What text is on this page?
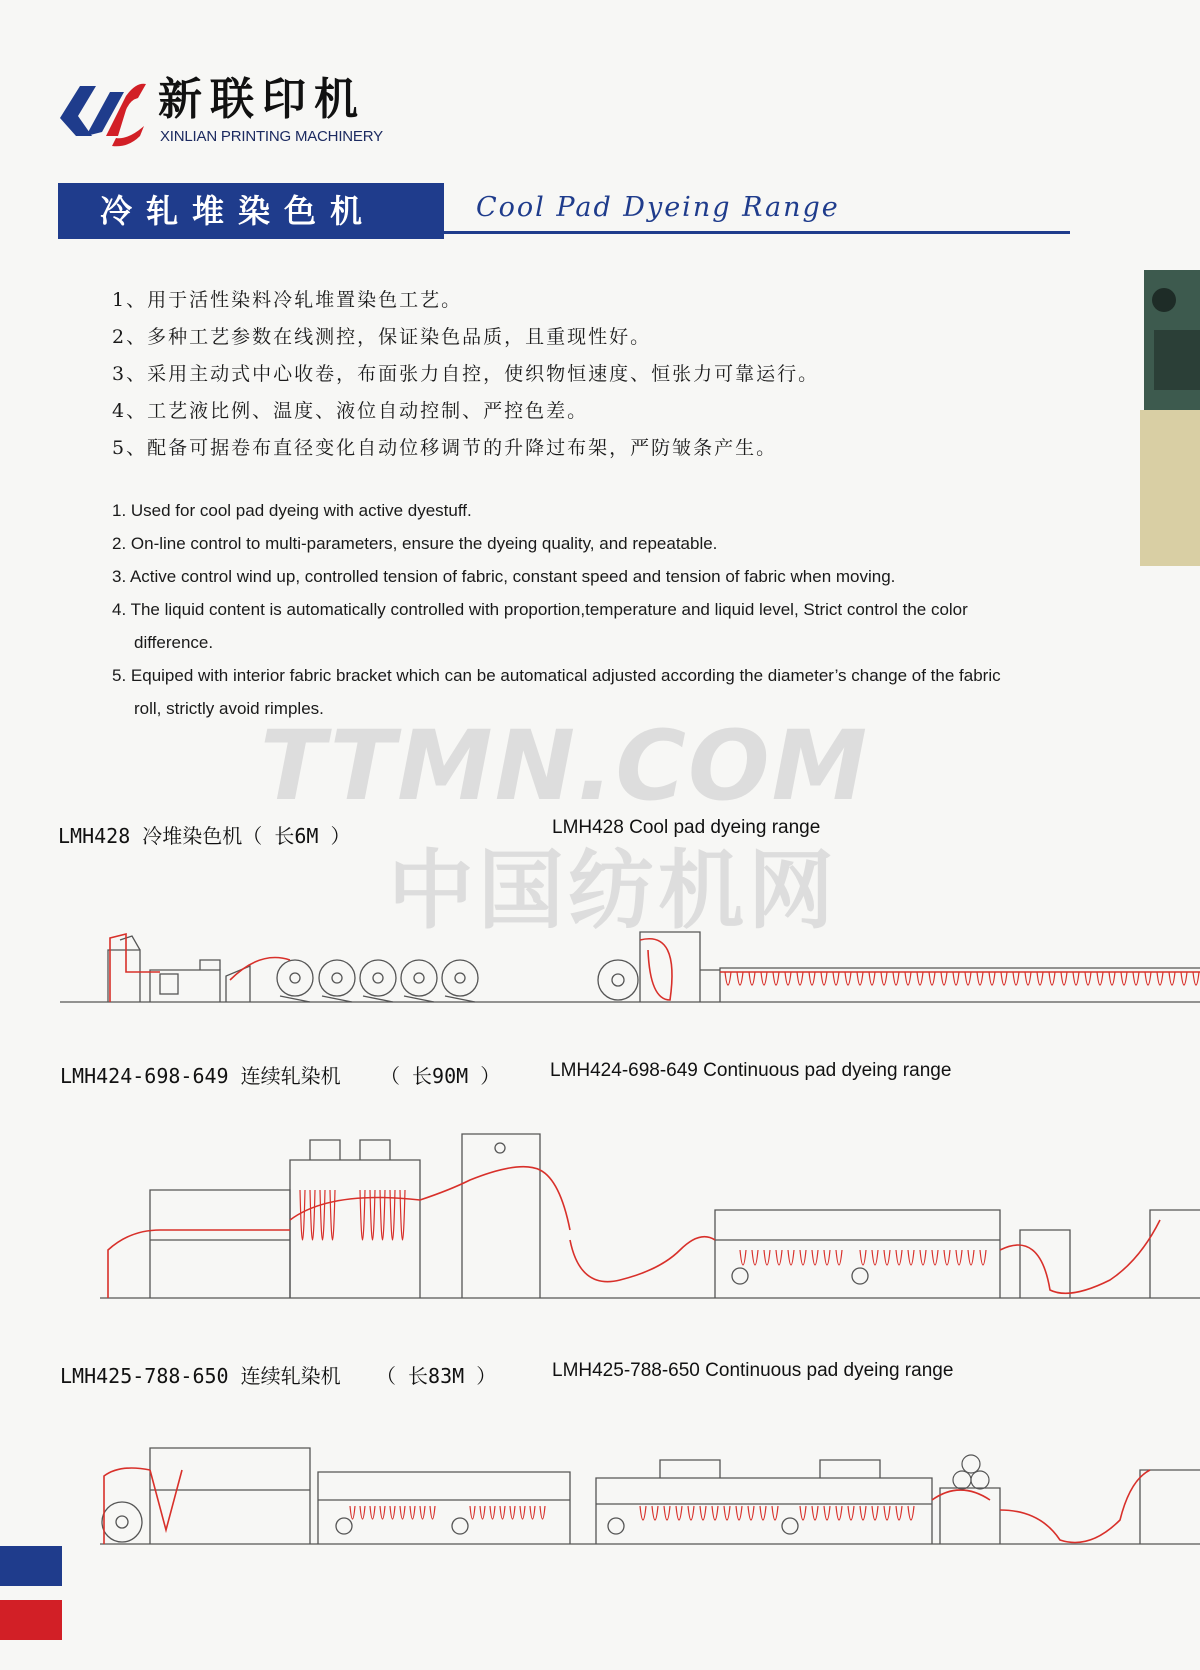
新联印机
XINLIAN PRINTING MACHINERY
冷轧堆染色机	Cool Pad Dyeing Range
1、用于活性染料冷轧堆置染色工艺。
2、多种工艺参数在线测控，保证染色品质，且重现性好。
3、采用主动式中心收卷，布面张力自控，使织物恒速度、恒张力可靠运行。
4、工艺液比例、温度、液位自动控制、严控色差。
5、配备可据卷布直径变化自动位移调节的升降过布架，严防皱条产生。
1. Used for cool pad dyeing with active dyestuff.
2. On-line control to multi-parameters, ensure the dyeing quality, and repeatable.
3. Active control wind up, controlled tension of fabric, constant speed and tension of fabric when moving.
4. The liquid content is automatically controlled with proportion,temperature and liquid level, Strict control the color difference.
5. Equiped with interior fabric bracket which can be automatical adjusted according the diameter’s change of the fabric roll, strictly avoid rimples.
LMH428 冷堆染色机（ 长6M ）	LMH428 Cool pad dyeing range
LMH424-698-649 连续轧染机 （ 长90M ）	LMH424-698-649 Continuous pad dyeing range
LMH425-788-650 连续轧染机 （ 长83M ）	LMH425-788-650 Continuous pad dyeing range
TTMN.COM
中国纺机网
